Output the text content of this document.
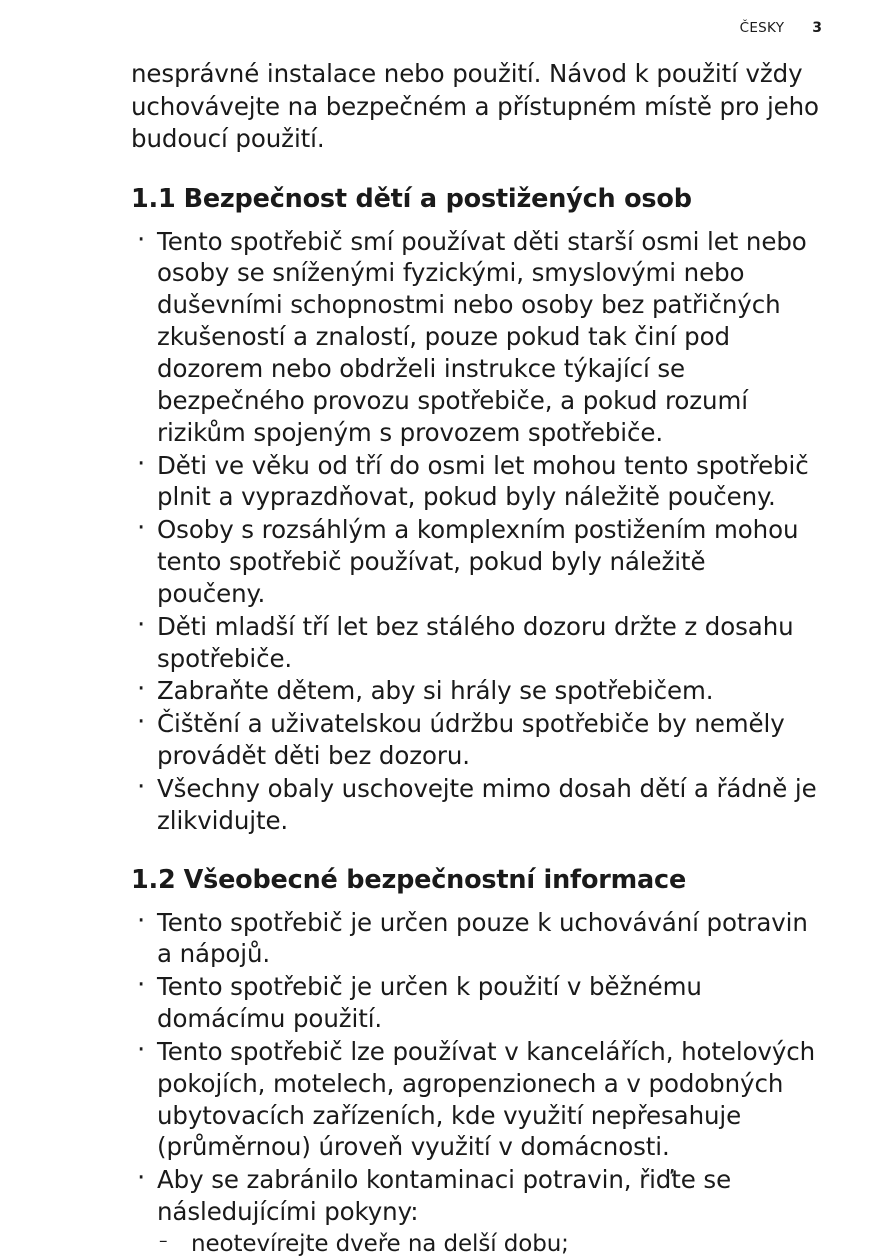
ČESKY 3

nesprávné instalace nebo použití. Návod k použití vždy uchovávejte na bezpečném a přístupném místě pro jeho budoucí použití.

1.1 Bezpečnost dětí a postižených osob
· Tento spotřebič smí používat děti starší osmi let nebo osoby se sníženými fyzickými, smyslovými nebo duševními schopnostmi nebo osoby bez patřičných zkušeností a znalostí, pouze pokud tak činí pod dozorem nebo obdrželi instrukce týkající se bezpečného provozu spotřebiče, a pokud rozumí rizikům spojeným s provozem spotřebiče.
· Děti ve věku od tří do osmi let mohou tento spotřebič plnit a vyprazdňovat, pokud byly náležitě poučeny.
· Osoby s rozsáhlým a komplexním postižením mohou tento spotřebič používat, pokud byly náležitě poučeny.
· Děti mladší tří let bez stálého dozoru držte z dosahu spotřebiče.
· Zabraňte dětem, aby si hrály se spotřebičem.
· Čištění a uživatelskou údržbu spotřebiče by neměly provádět děti bez dozoru.
· Všechny obaly uschovejte mimo dosah dětí a řádně je zlikvidujte.
1.2 Všeobecné bezpečnostní informace
· Tento spotřebič je určen pouze k uchovávání potravin a nápojů.
· Tento spotřebič je určen k použití v běžnému domácímu použití.
· Tento spotřebič lze používat v kancelářích, hotelových pokojích, motelech, agropenzionech a v podobných ubytovacích zařízeních, kde využití nepřesahuje (průměrnou) úroveň využití v domácnosti.
· Aby se zabránilo kontaminaci potravin, řiďte se následujícími pokyny:
– neotevírejte dveře na delší dobu;
